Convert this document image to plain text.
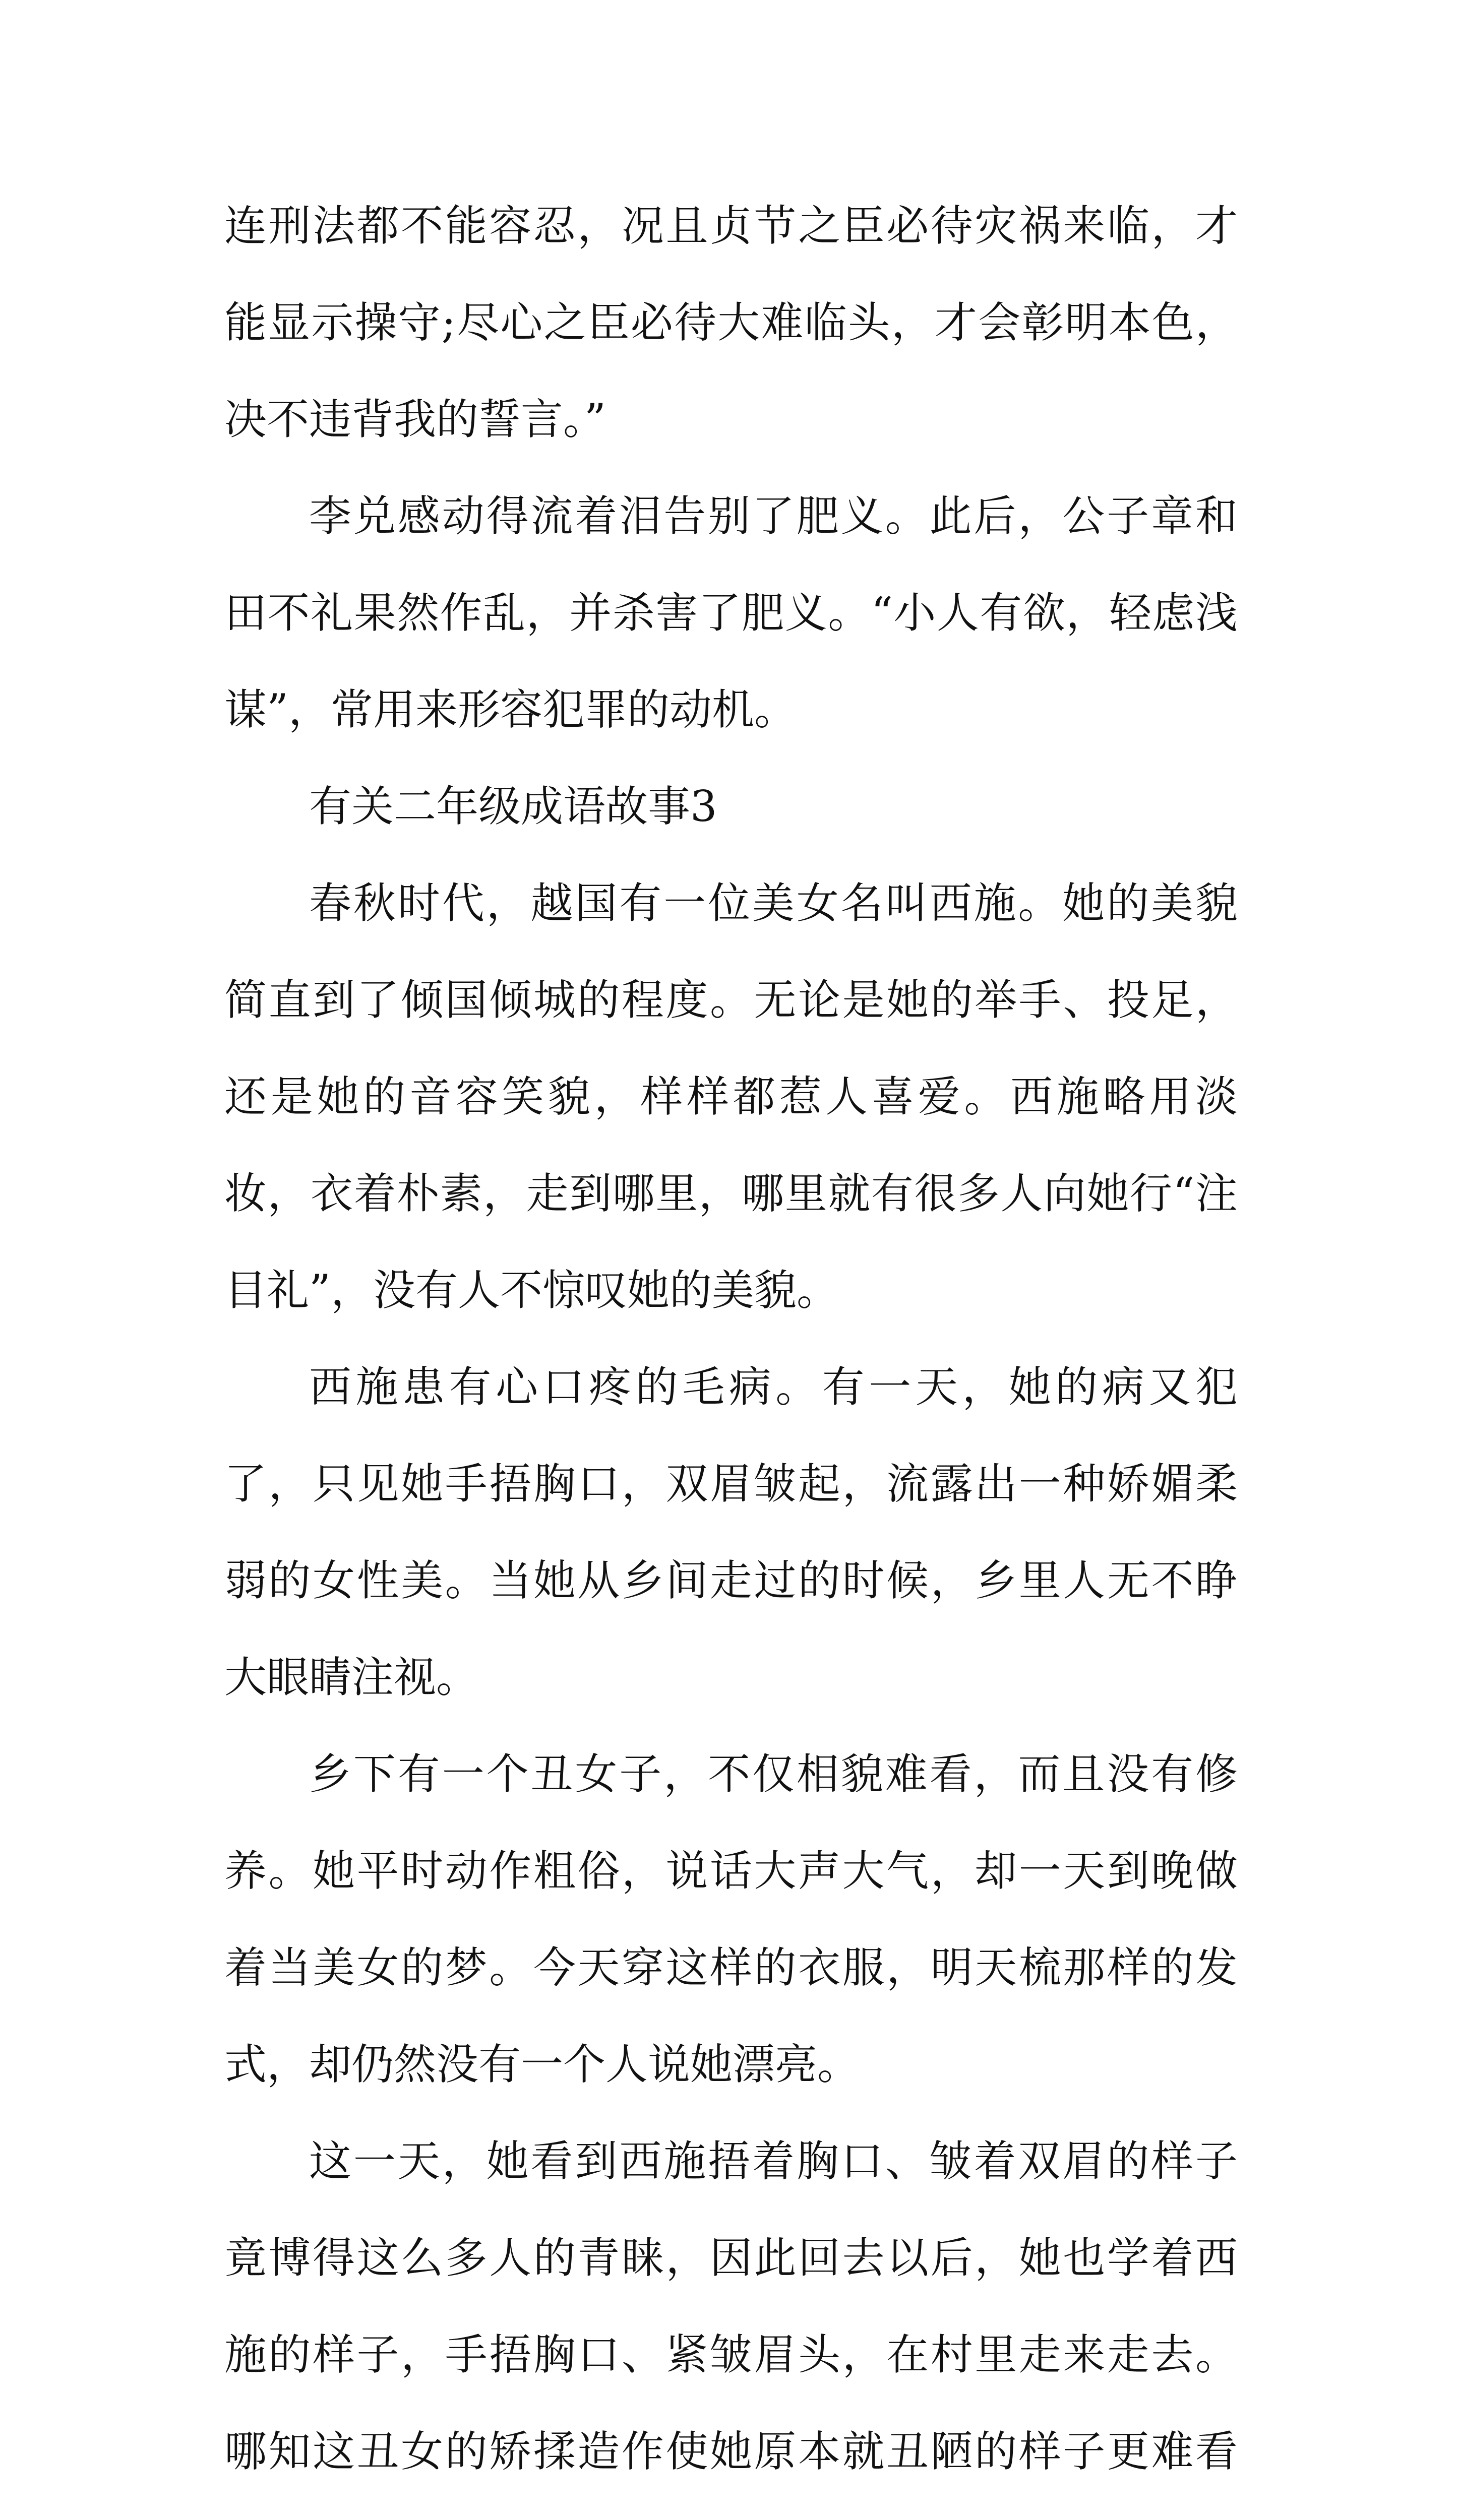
连刑法都不能容忍，况且贞节之臣必待灾祸来临，才能显示操守;尽心之臣必待大难临头，才会彰明本色，决不违背我的誓言。”

李兑感动得流着泪告别了肥义。此后，公子章和田不礼果然作乱，并杀害了肥义。“小人有欲，轻虑浅谋”，常用来形容犯罪的动机。

有关二年级成语故事3

春秋时代，越国有一位美女名叫西施。她的美貌简直到了倾国倾城的程度。无论是她的举手、投足，还是她的音容笑貌，样样都惹人喜爱。西施略用淡妆，衣着朴素，走到哪里，哪里就有很多人向她行“注目礼”，没有人不惊叹她的美貌。

西施患有心口疼的毛病。有一天，她的病又犯了，只见她手捂胸口，双眉皱起，流露出一种娇媚柔弱的女性美。当她从乡间走过的时候，乡里人无不睁大眼睛注视。

乡下有一个丑女子，不仅相貌难看，而且没有修养。她平时动作粗俗，说话大声大气，却一天到晚做着当美女的梦。今天穿这样的衣服，明天梳那样的发式，却仍然没有一个人说她漂亮。

这一天，她看到西施捂着胸口、皱着双眉的样子竟博得这么多人的青睐，因此回去以后，她也学着西施的样子，手捂胸口、紧皱眉头，在村里走来走去。哪知这丑女的矫揉造作使她原本就丑陋的样子更难看
